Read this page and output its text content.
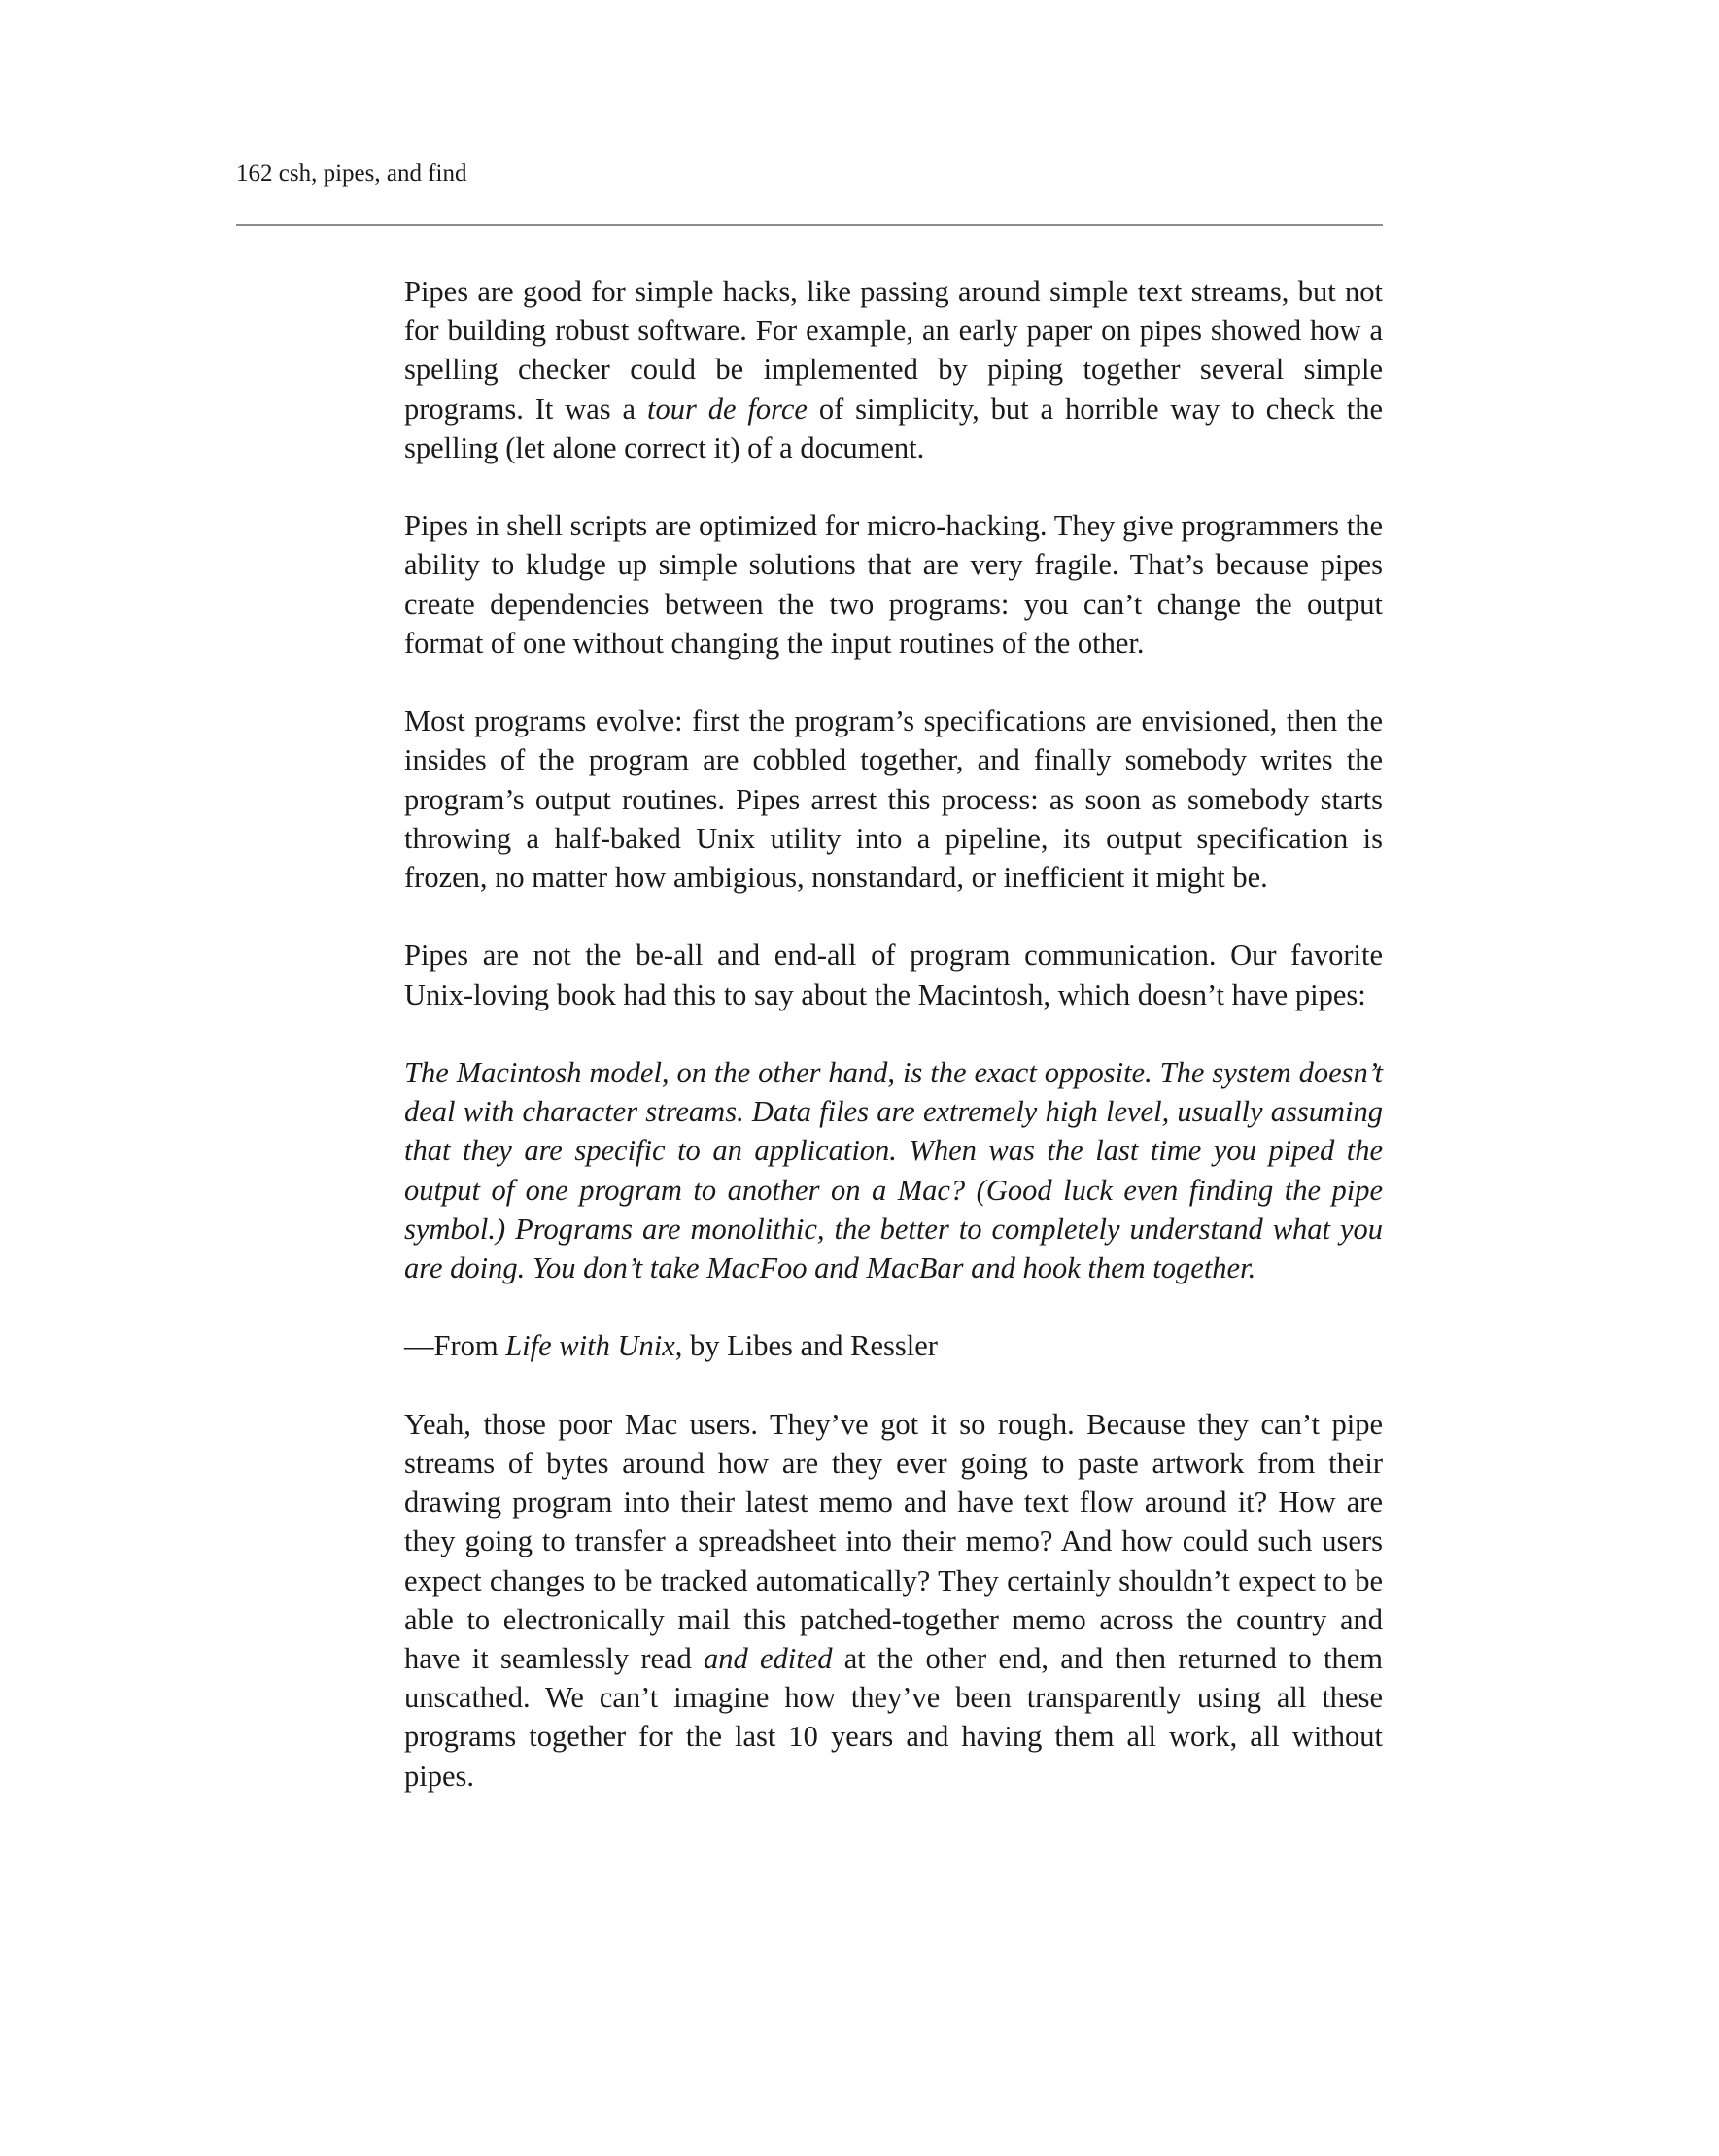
162 csh, pipes, and find

Pipes are good for simple hacks, like passing around simple text streams, but not for building robust software. For example, an early paper on pipes showed how a spelling checker could be implemented by piping together several simple programs. It was a tour de force of simplicity, but a horrible way to check the spelling (let alone correct it) of a document.

Pipes in shell scripts are optimized for micro-hacking. They give programmers the ability to kludge up simple solutions that are very fragile. That’s because pipes create dependencies between the two programs: you can’t change the output format of one without changing the input routines of the other.

Most programs evolve: first the program’s specifications are envisioned, then the insides of the program are cobbled together, and finally somebody writes the program’s output routines. Pipes arrest this process: as soon as somebody starts throwing a half-baked Unix utility into a pipeline, its output specification is frozen, no matter how ambigious, nonstandard, or inefficient it might be.

Pipes are not the be-all and end-all of program communication. Our favorite Unix-loving book had this to say about the Macintosh, which doesn’t have pipes:

The Macintosh model, on the other hand, is the exact opposite. The system doesn’t deal with character streams. Data files are extremely high level, usually assuming that they are specific to an application. When was the last time you piped the output of one program to another on a Mac? (Good luck even finding the pipe symbol.) Programs are monolithic, the better to completely understand what you are doing. You don’t take MacFoo and MacBar and hook them together.

—From Life with Unix, by Libes and Ressler

Yeah, those poor Mac users. They’ve got it so rough. Because they can’t pipe streams of bytes around how are they ever going to paste artwork from their drawing program into their latest memo and have text flow around it? How are they going to transfer a spreadsheet into their memo? And how could such users expect changes to be tracked automatically? They certainly shouldn’t expect to be able to electronically mail this patched-together memo across the country and have it seamlessly read and edited at the other end, and then returned to them unscathed. We can’t imagine how they’ve been transparently using all these programs together for the last 10 years and having them all work, all without pipes.
